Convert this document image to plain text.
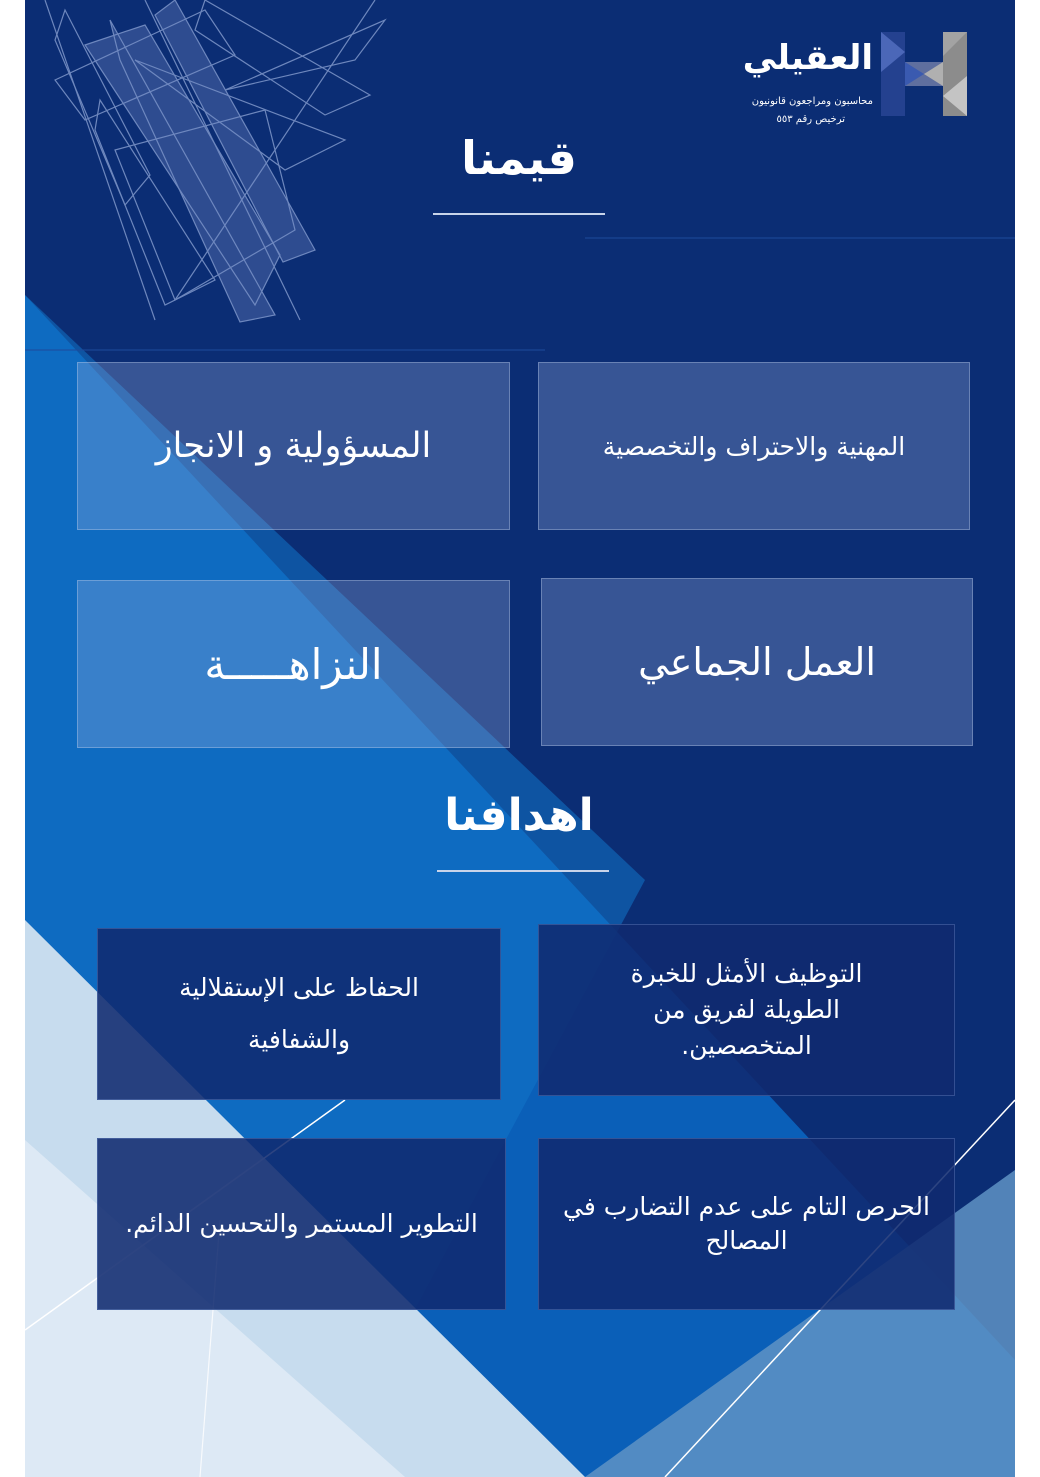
العقيلي
محاسبون ومراجعون قانونيون
ترخيص رقم ٥٥٣
قيمنا
المهنية والاحتراف والتخصصية
المسؤولية و الانجاز
العمل الجماعي
النزاهـــــة
اهدافنا
التوظيف الأمثل للخبرة الطويلة لفريق من المتخصصين.
الحفاظ على الإستقلالية والشفافية
الحرص التام على عدم التضارب في المصالح
التطوير المستمر والتحسين الدائم.
